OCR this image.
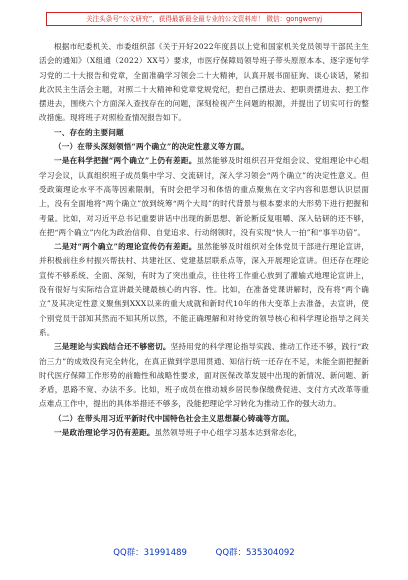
关注头条号“公文研究”，获得最新最全最专业的公文资料库！ 微信：gongwenyj

根据市纪委机关、市委组织部《关于开好2022年度县以上党和国家机关党员领导干部民主生活会的通知》（X组通（2022）XX号）要求，市医疗保障局领导班子带头原原本本、逐字逐句学习党的二十大报告和党章，全面准确学习领会二十大精神，认真开展书面征询、谈心谈话，紧扣此次民主生活会主题，对照二十大精神和党章党规党纪，把自己摆进去、把职责摆进去、把工作摆进去，围绕六个方面深入查找存在的问题，深刻检视产生问题的根源，并提出了切实可行的整改措施。现将班子对照检查情况报告如下。

一、存在的主要问题

（一）在带头深刻领悟“两个确立”的决定性意义等方面。

一是在科学把握“两个确立”上仍有差距。虽然能够及时组织召开党组会议、党组理论中心组学习会议，认真组织班子成员集中学习、交流研讨，深入学习领会“两个确立”的决定性意义。但受政策理论水平不高等因素限制，有时会把学习和体悟的重点聚焦在文字内容和思想认识层面上，没有全面地将“两个确立”放到统筹“两个大局”的时代背景与根本要求的大形势下进行把握和考量。比如，对习近平总书记重要讲话中出现的新思想、新论断反复咀嚼、深入钻研的还不够，在把“两个确立”内化为政治信仰、自觉追求、行动纲领时，没有实现“快人一拍”和“事半功倍”。

二是对“两个确立”的理论宣传仍有差距。虽然能够及时组织对全体党员干部进行理论宣讲，并积极前往乡村振兴帮扶村、共建社区、党建基层联系点等，深入开展理论宣讲。但还存在理论宣传不够系统、全面、深刻，有时为了突出重点，往往将工作重心放到了灌输式地理论宣讲上，没有很好与实际结合宣讲最关键最核心的内容、性。比如，在准备党课讲解时，没有将“两个确立”及其决定性意义聚焦到XXX以来的重大成就和新时代10年的伟大变革上去准备，去宣讲，使个别党员干部知其然而不知其所以然，不能正确理解和对待党的领导核心和科学理论指导之间关系。

三是理论与实践结合还不够密切。坚持用党的科学理论指导实践、推动工作还不够，践行“政治三力”的成效没有完全转化，在真正做到学思用贯通、知信行统一还存在不足，未能全面把握新时代医疗保障工作形势的前瞻性和战略性要求，面对医保改革发展中出现的新情况、新问题、新矛盾，思路不宽、办法不多。比如，班子成员在推动城乡居民参保缴费促进、支付方式改革等重点难点工作中，提出的具体举措还不够多，没能把理论学习转化为推动工作的强大动力。

（二）在带头用习近平新时代中国特色社会主义思想凝心铸魂等方面。

一是政治理论学习仍有差距。虽然领导班子中心组学习基本达到常态化，

QQ群：31991489	QQ群：535304092
